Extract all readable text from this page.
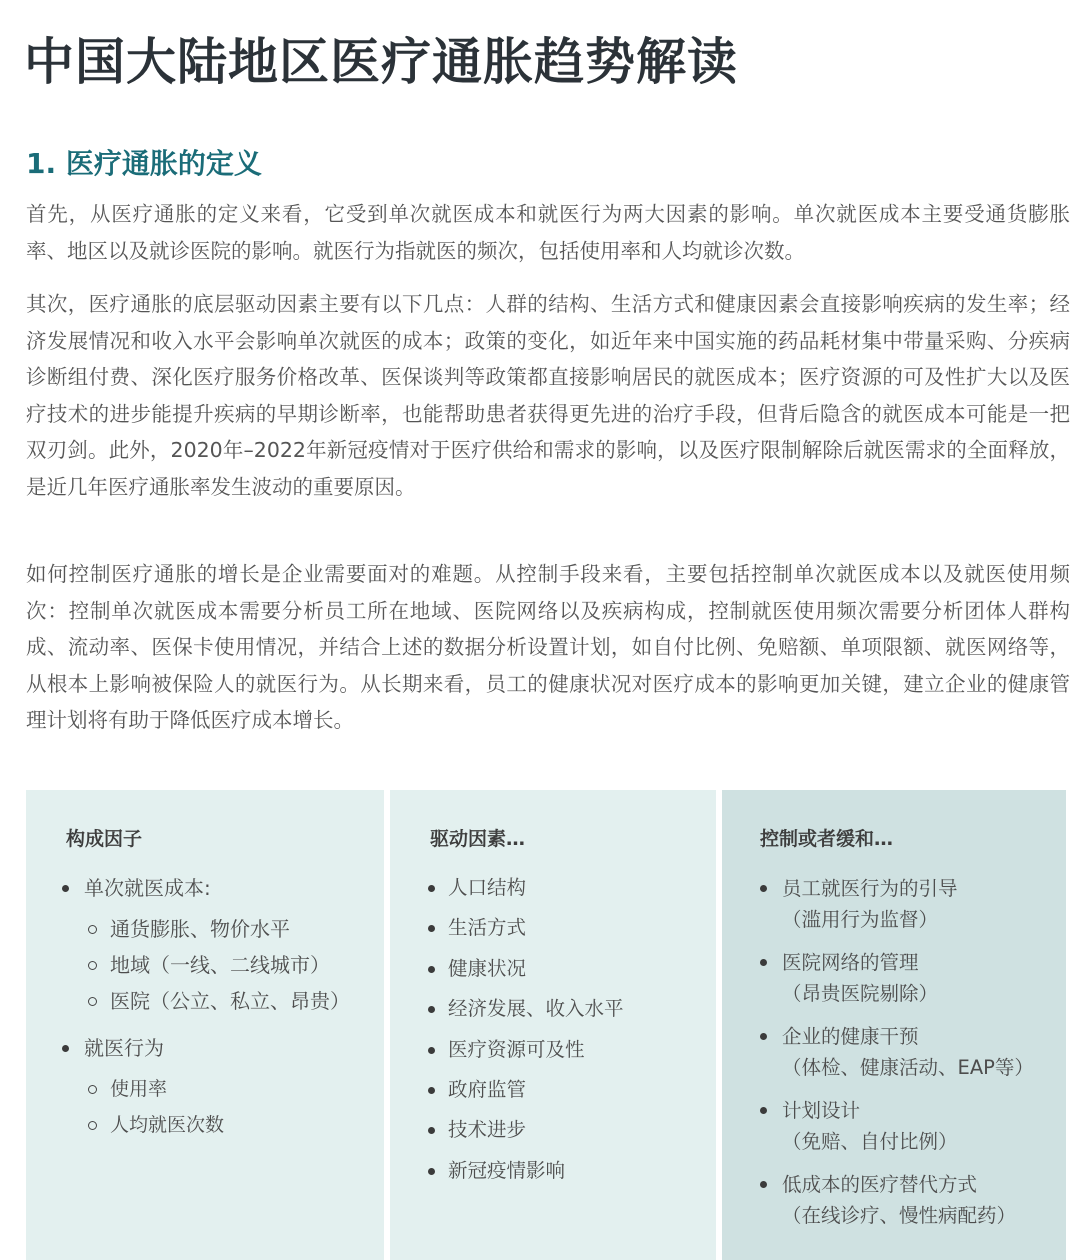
中国大陆地区医疗通胀趋势解读
1. 医疗通胀的定义

首先，从医疗通胀的定义来看，它受到单次就医成本和就医行为两大因素的影响。单次就医成本主要受通货膨胀率、地区以及就诊医院的影响。就医行为指就医的频次，包括使用率和人均就诊次数。

其次，医疗通胀的底层驱动因素主要有以下几点：人群的结构、生活方式和健康因素会直接影响疾病的发生率；经济发展情况和收入水平会影响单次就医的成本；政策的变化，如近年来中国实施的药品耗材集中带量采购、分疾病诊断组付费、深化医疗服务价格改革、医保谈判等政策都直接影响居民的就医成本；医疗资源的可及性扩大以及医疗技术的进步能提升疾病的早期诊断率，也能帮助患者获得更先进的治疗手段，但背后隐含的就医成本可能是一把双刃剑。此外，2020年–2022年新冠疫情对于医疗供给和需求的影响，以及医疗限制解除后就医需求的全面释放，是近几年医疗通胀率发生波动的重要原因。

如何控制医疗通胀的增长是企业需要面对的难题。从控制手段来看，主要包括控制单次就医成本以及就医使用频次：控制单次就医成本需要分析员工所在地域、医院网络以及疾病构成，控制就医使用频次需要分析团体人群构成、流动率、医保卡使用情况，并结合上述的数据分析设置计划，如自付比例、免赔额、单项限额、就医网络等，从根本上影响被保险人的就医行为。从长期来看，员工的健康状况对医疗成本的影响更加关键，建立企业的健康管理计划将有助于降低医疗成本增长。

构成因子
单次就医成本:
通货膨胀、物价水平
地域（一线、二线城市）
医院（公立、私立、昂贵）
就医行为
使用率
人均就医次数
驱动因素…
人口结构
生活方式
健康状况
经济发展、收入水平
医疗资源可及性
政府监管
技术进步
新冠疫情影响
控制或者缓和…
员工就医行为的引导
（滥用行为监督）
医院网络的管理
（昂贵医院剔除）
企业的健康干预
（体检、健康活动、EAP等）
计划设计
（免赔、自付比例）
低成本的医疗替代方式
（在线诊疗、慢性病配药）
